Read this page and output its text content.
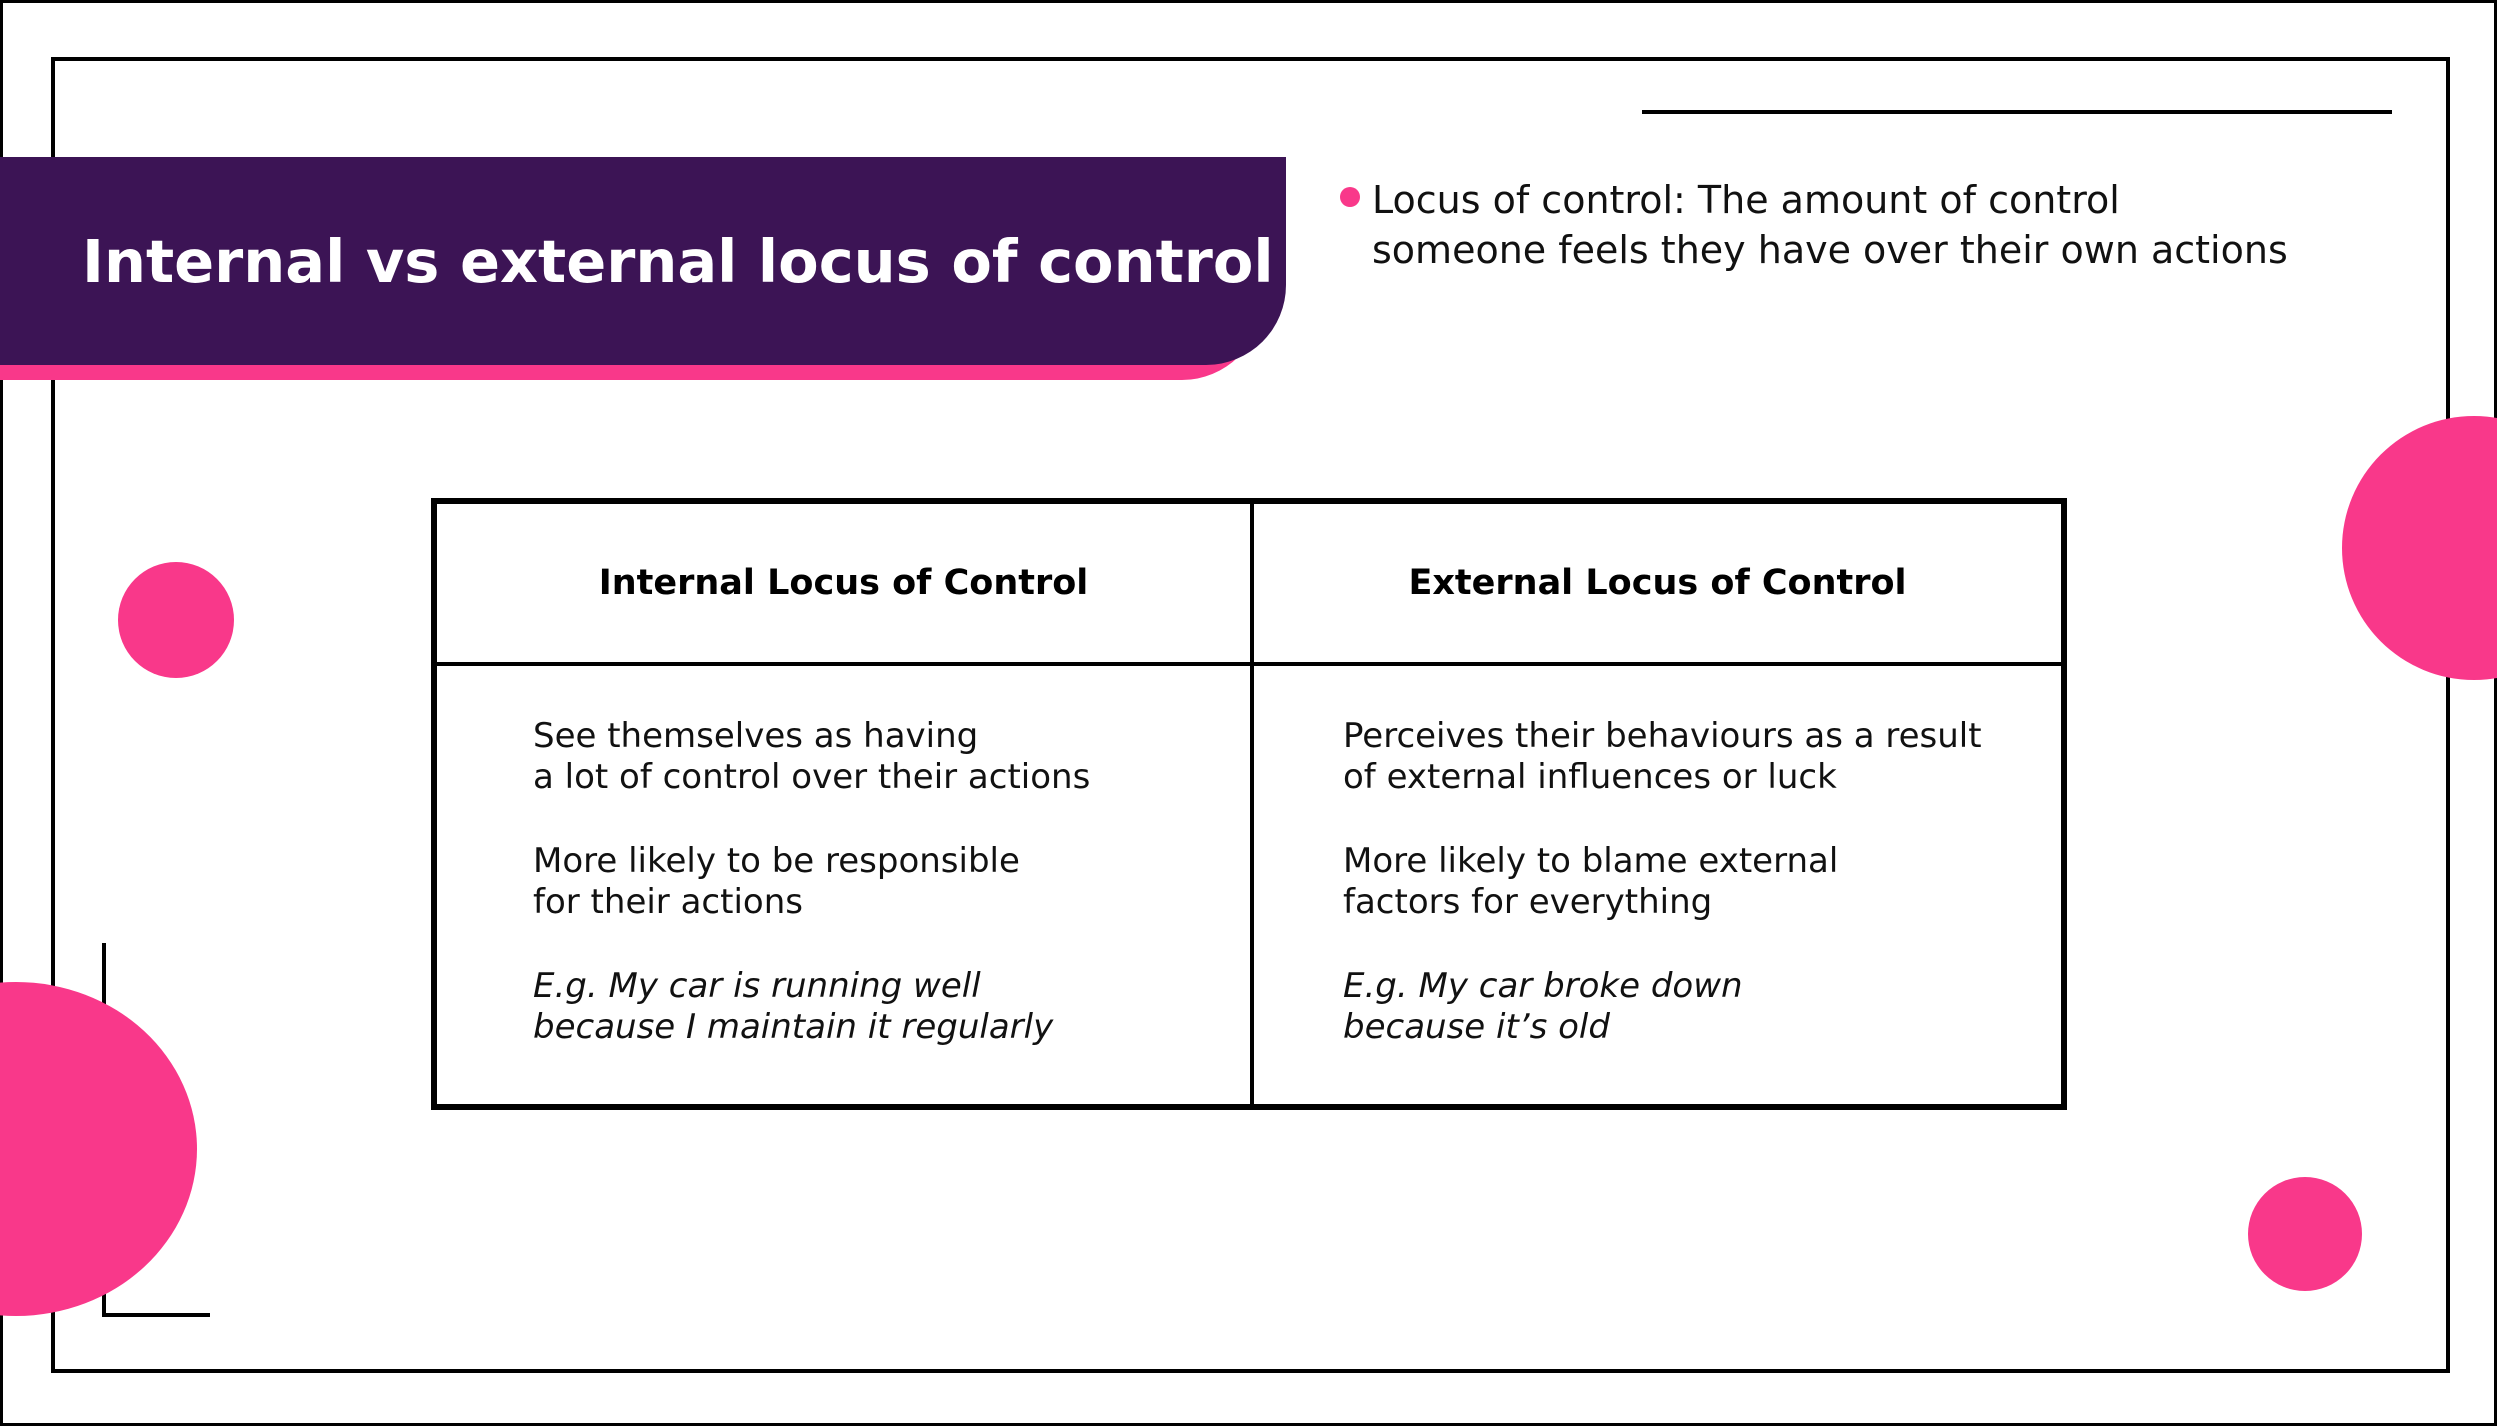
Internal vs external locus of control
Locus of control: The amount of control
someone feels they have over their own actions
Internal Locus of Control	External Locus of Control
See themselves as having
a lot of control over their actions
More likely to be responsible
for their actions
E.g. My car is running well
because I maintain it regularly
Perceives their behaviours as a result
of external influences or luck
More likely to blame external
factors for everything
E.g. My car broke down
because it’s old
